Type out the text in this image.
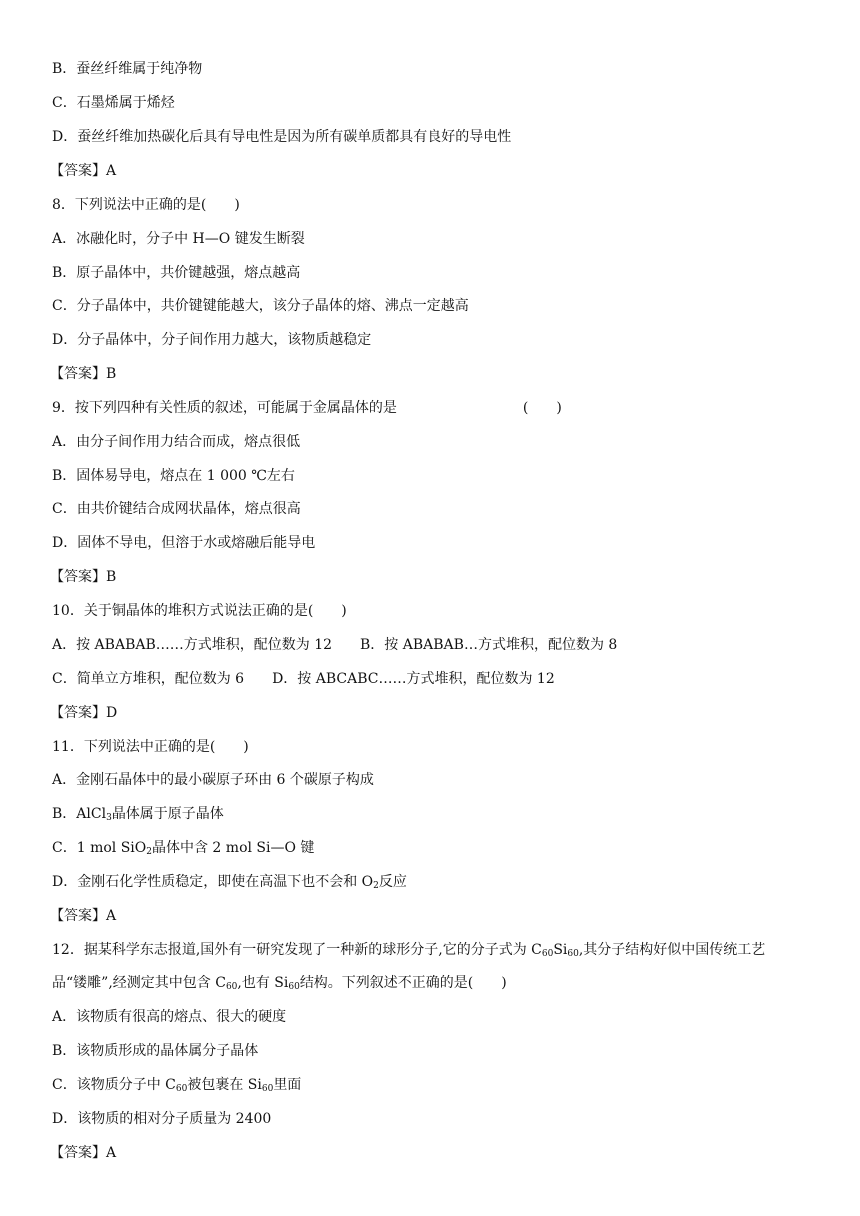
B．蚕丝纤维属于纯净物
C．石墨烯属于烯烃
D．蚕丝纤维加热碳化后具有导电性是因为所有碳单质都具有良好的导电性
【答案】A
8．下列说法中正确的是(　　)
A．冰融化时，分子中 H—O 键发生断裂
B．原子晶体中，共价键越强，熔点越高
C．分子晶体中，共价键键能越大，该分子晶体的熔、沸点一定越高
D．分子晶体中，分子间作用力越大，该物质越稳定
【答案】B
9．按下列四种有关性质的叙述，可能属于金属晶体的是　　　　　　　　　(　　)
A．由分子间作用力结合而成，熔点很低
B．固体易导电，熔点在 1 000 ℃左右
C．由共价键结合成网状晶体，熔点很高
D．固体不导电，但溶于水或熔融后能导电
【答案】B
10．关于铜晶体的堆积方式说法正确的是(　　)
A．按 ABABAB……方式堆积，配位数为 12　　B．按 ABABAB…方式堆积，配位数为 8
C．简单立方堆积，配位数为 6　　D．按 ABCABC……方式堆积，配位数为 12
【答案】D
11．下列说法中正确的是(　　)
A．金刚石晶体中的最小碳原子环由 6 个碳原子构成
B．AlCl$_3$晶体属于原子晶体
C．1 mol SiO$_2$晶体中含 2 mol Si—O 键
D．金刚石化学性质稳定，即使在高温下也不会和 $O_2$反应
【答案】A
12．据某科学东志报道,国外有一研究发现了一种新的球形分子,它的分子式为 $C_{60}Si_{60}$,其分子结构好似中国传统工艺
品“镂雕”,经测定其中包含 $C_{60}$,也有 $Si_{60}$结构。下列叙述不正确的是(　　)
A．该物质有很高的熔点、很大的硬度
B．该物质形成的晶体属分子晶体
C．该物质分子中 $C_{60}$被包裹在 $Si_{60}$里面
D．该物质的相对分子质量为 2400
【答案】A
